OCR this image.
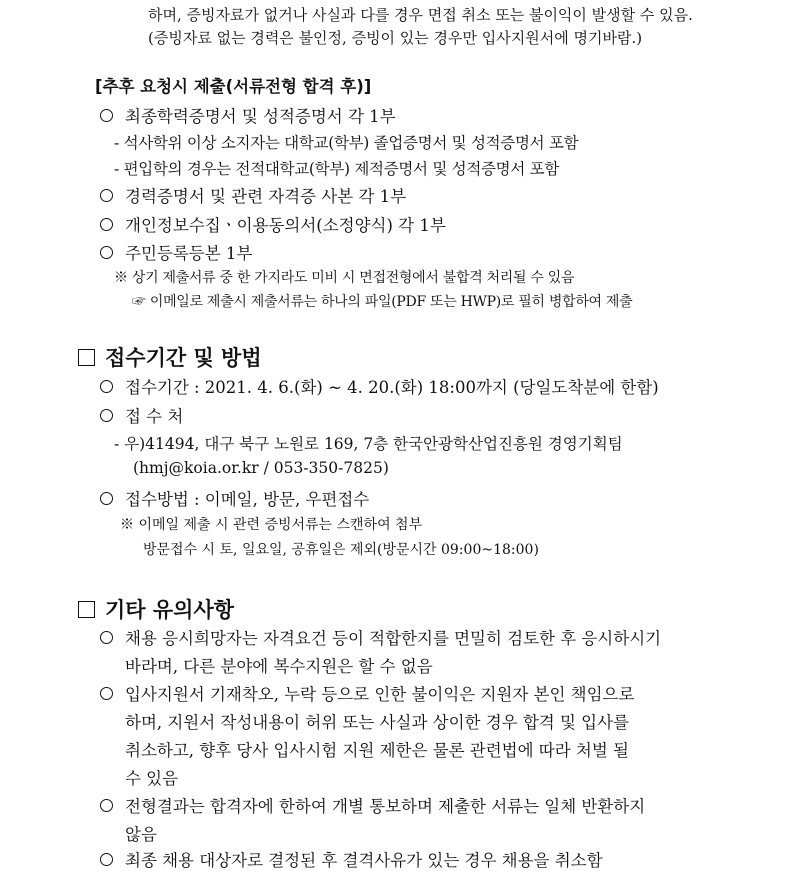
하며, 증빙자료가 없거나 사실과 다를 경우 면접 취소 또는 불이익이 발생할 수 있음.
(증빙자료 없는 경력은 불인정, 증빙이 있는 경우만 입사지원서에 명기바람.)
[추후 요청시 제출(서류전형 합격 후)]
최종학력증명서 및 성적증명서 각 1부
- 석사학위 이상 소지자는 대학교(학부) 졸업증명서 및 성적증명서 포함
- 편입학의 경우는 전적대학교(학부) 제적증명서 및 성적증명서 포함
경력증명서 및 관련 자격증 사본 각 1부
개인정보수집ㆍ이용동의서(소정양식) 각 1부
주민등록등본 1부
※ 상기 제출서류 중 한 가지라도 미비 시 면접전형에서 불합격 처리될 수 있음
☞ 이메일로 제출시 제출서류는 하나의 파일(PDF 또는 HWP)로 필히 병합하여 제출
접수기간 및 방법
접수기간 : 2021. 4. 6.(화) ~ 4. 20.(화) 18:00까지 (당일도착분에 한함)
접 수 처
- 우)41494, 대구 북구 노원로 169, 7층 한국안광학산업진흥원 경영기획팀
(hmj@koia.or.kr / 053-350-7825)
접수방법 : 이메일, 방문, 우편접수
※ 이메일 제출 시 관련 증빙서류는 스캔하여 첨부
방문접수 시 토, 일요일, 공휴일은 제외(방문시간 09:00~18:00)
기타 유의사항
채용 응시희망자는 자격요건 등이 적합한지를 면밀히 검토한 후 응시하시기
바라며, 다른 분야에 복수지원은 할 수 없음
입사지원서 기재착오, 누락 등으로 인한 불이익은 지원자 본인 책임으로
하며, 지원서 작성내용이 허위 또는 사실과 상이한 경우 합격 및 입사를
취소하고, 향후 당사 입사시험 지원 제한은 물론 관련법에 따라 처벌 될
수 있음
전형결과는 합격자에 한하여 개별 통보하며 제출한 서류는 일체 반환하지
않음
최종 채용 대상자로 결정된 후 결격사유가 있는 경우 채용을 취소함
